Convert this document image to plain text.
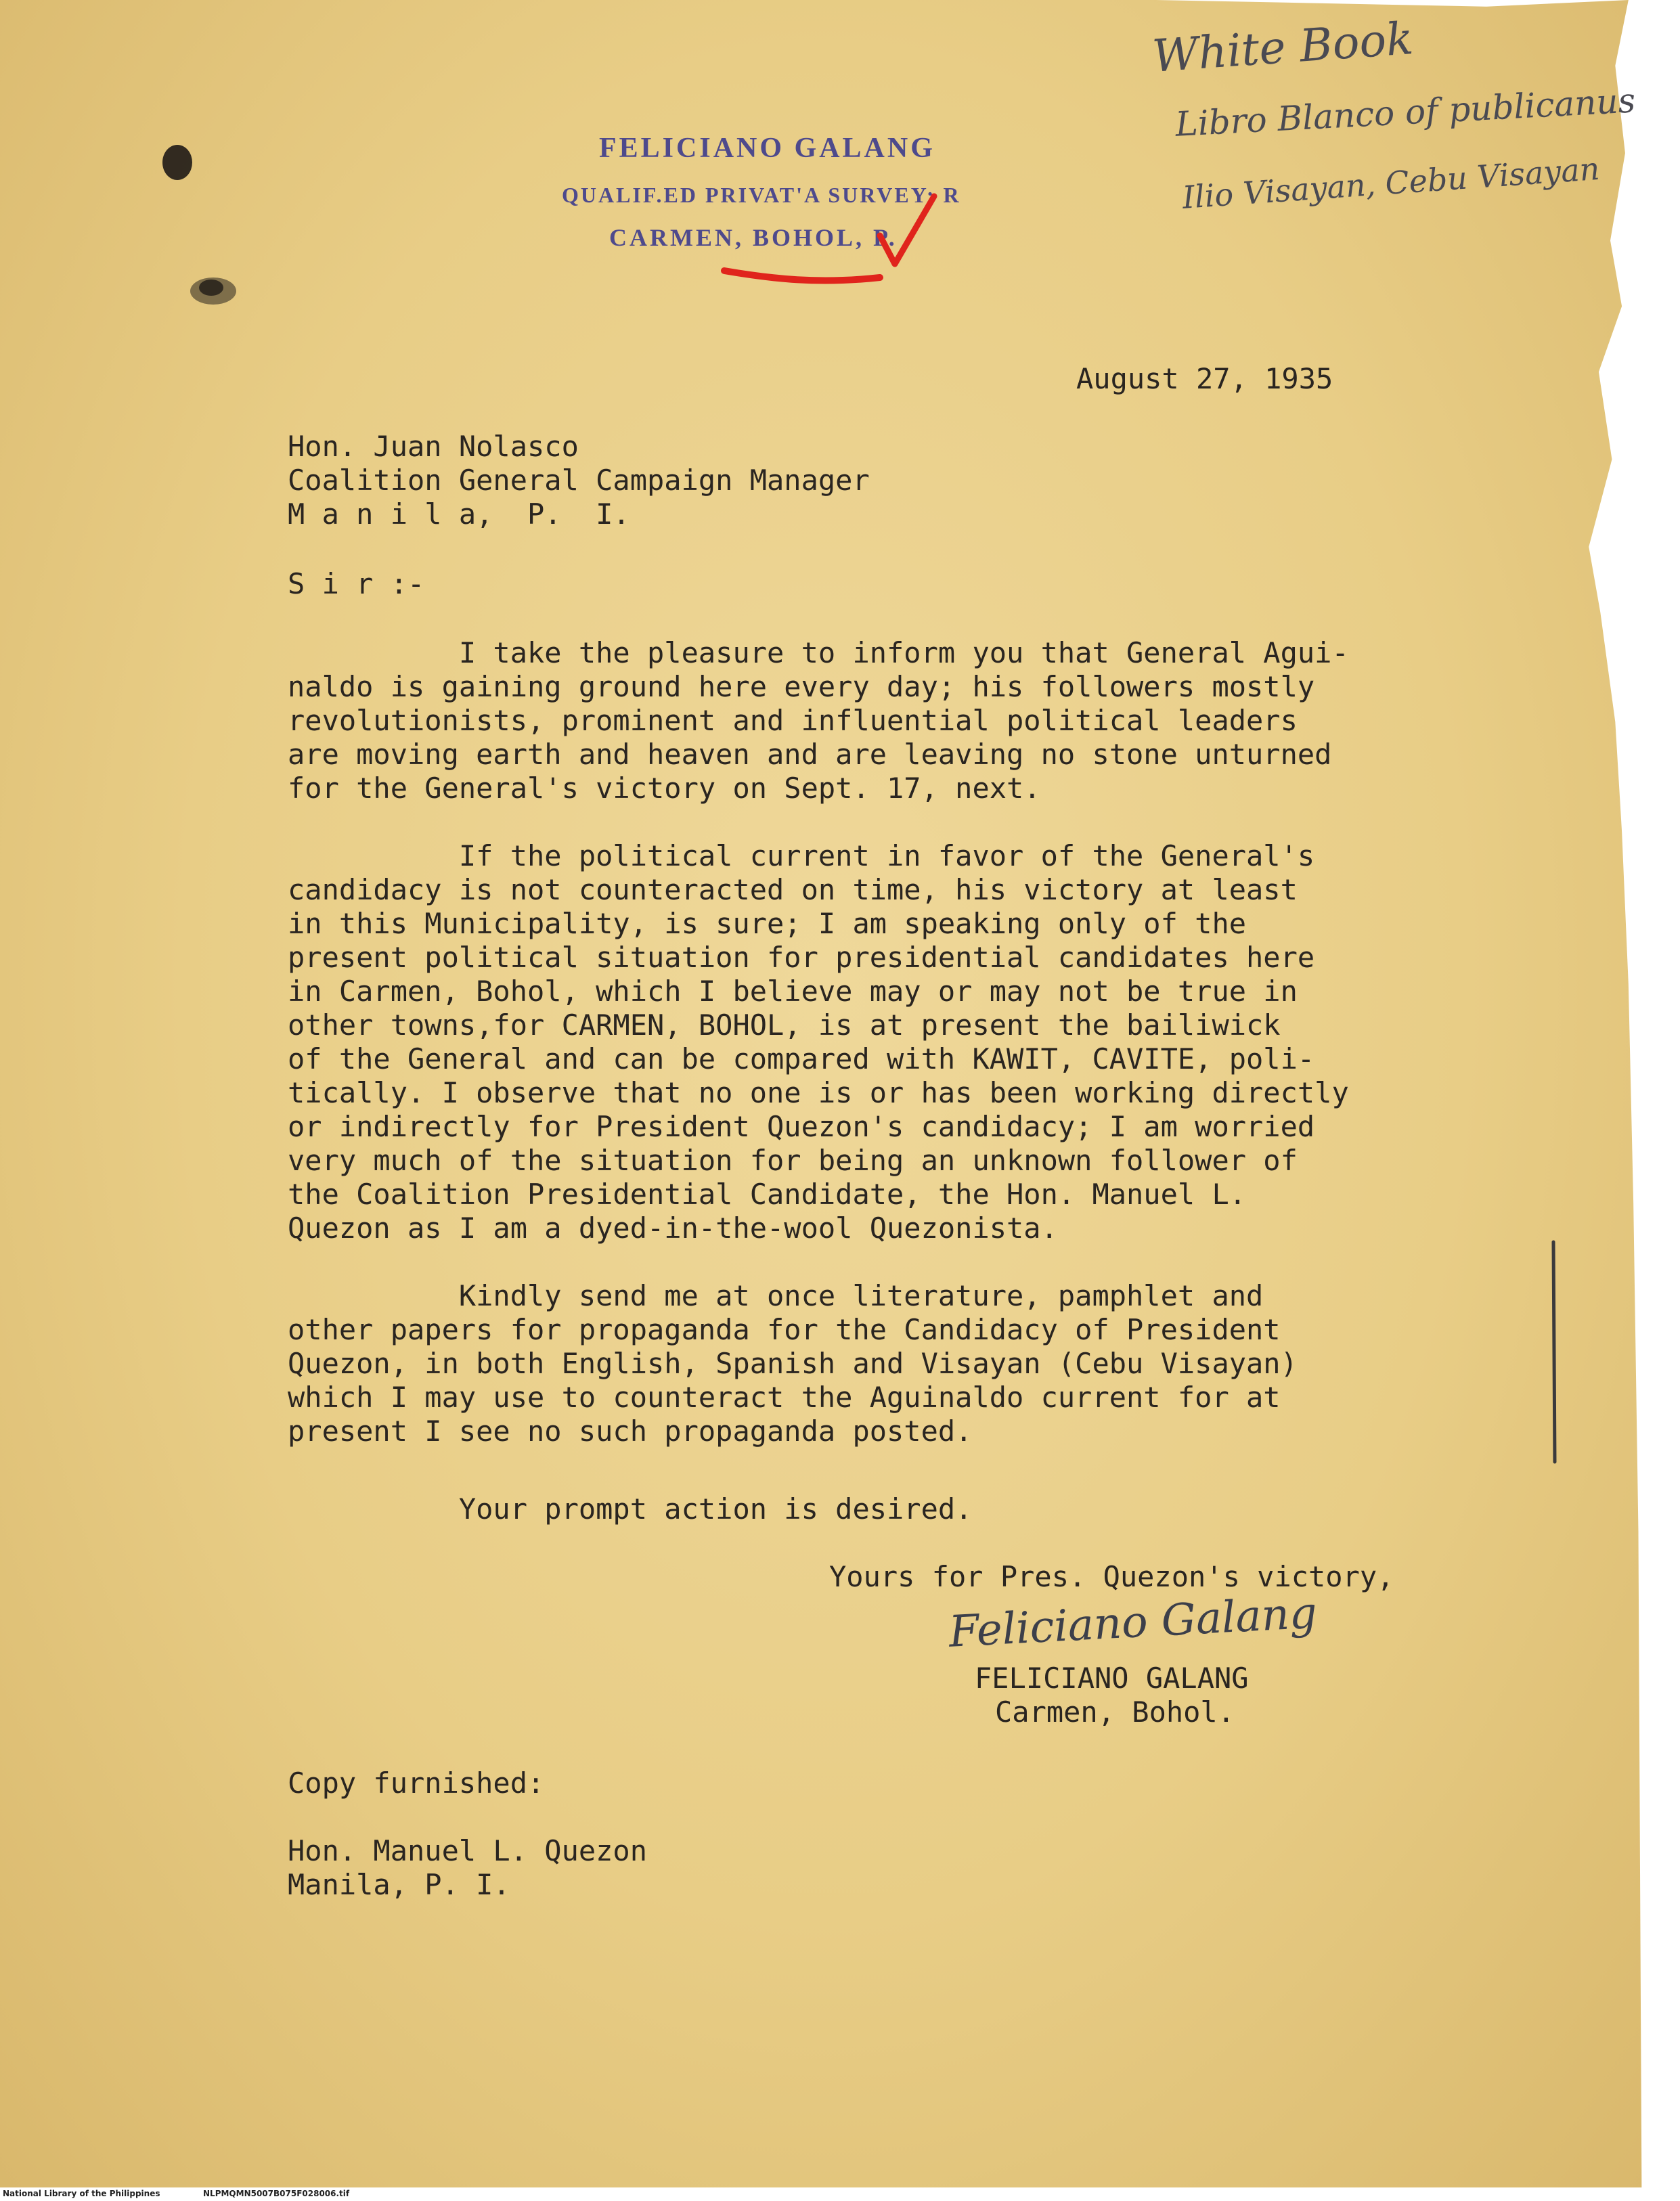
FELICIANO GALANG
QUALIF.ED PRIVAT'A SURVEY: R
CARMEN, BOHOL, P.
White Book
Libro Blanco of publicanus
Ilio Visayan, Cebu Visayan
August 27, 1935
Hon. Juan Nolasco
Coalition General Campaign Manager
M a n i l a,  P.  I.
S i r :-
I take the pleasure to inform you that General Agui-
naldo is gaining ground here every day; his followers mostly
revolutionists, prominent and influential political leaders
are moving earth and heaven and are leaving no stone unturned
for the General's victory on Sept. 17, next.
If the political current in favor of the General's
candidacy is not counteracted on time, his victory at least
in this Municipality, is sure; I am speaking only of the
present political situation for presidential candidates here
in Carmen, Bohol, which I believe may or may not be true in
other towns,for CARMEN, BOHOL, is at present the bailiwick
of the General and can be compared with KAWIT, CAVITE, poli-
tically. I observe that no one is or has been working directly
or indirectly for President Quezon's candidacy; I am worried
very much of the situation for being an unknown follower of
the Coalition Presidential Candidate, the Hon. Manuel L.
Quezon as I am a dyed-in-the-wool Quezonista.
Kindly send me at once literature, pamphlet and
other papers for propaganda for the Candidacy of President
Quezon, in both English, Spanish and Visayan (Cebu Visayan)
which I may use to counteract the Aguinaldo current for at
present I see no such propaganda posted.
Your prompt action is desired.
Yours for Pres. Quezon's victory,
Feliciano Galang
FELICIANO GALANG
Carmen, Bohol.
Copy furnished:
Hon. Manuel L. Quezon
Manila, P. I.
National Library of the Philippines	NLPMQMN5007B075F028006.tif
